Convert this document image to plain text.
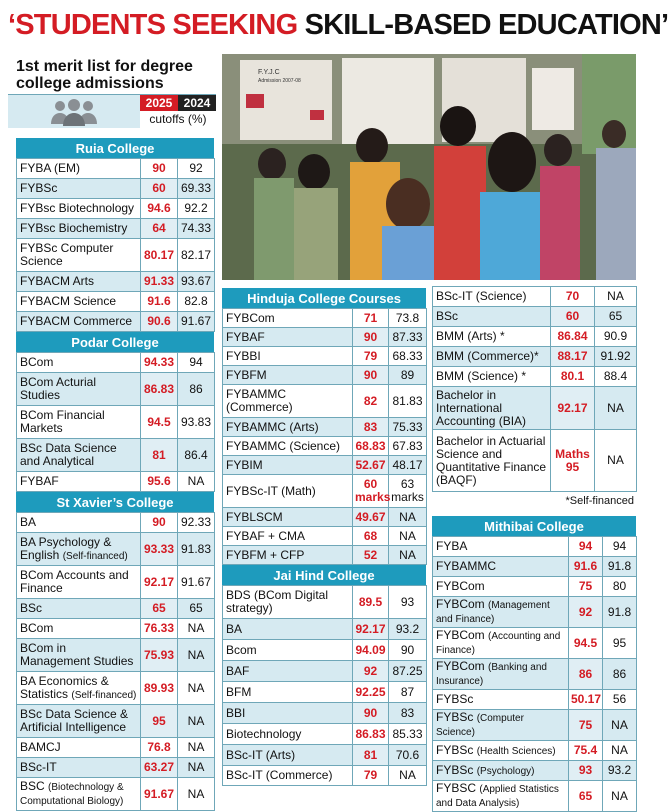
‘STUDENTS SEEKING SKILL-BASED EDUCATION’
1st merit list for degree college admissions
2025 2024
cutoffs (%)
F.Y.J.C
Admission 2007-08
Ruia College
FYBA (EM)	90	92
FYBSc	60	69.33
FYBsc Biotechnology	94.6	92.2
FYBsc Biochemistry	64	74.33
FYBSc Computer Science	80.17	82.17
FYBACM Arts	91.33	93.67
FYBACM Science	91.6	82.8
FYBACM Commerce	90.6	91.67
Podar College
BCom	94.33	94
BCom Acturial Studies	86.83	86
BCom Financial Markets	94.5	93.83
BSc Data Science and Analytical	81	86.4
FYBAF	95.6	NA
St Xavier’s College
BA	90	92.33
BA Psychology & English (Self-financed)	93.33	91.83
BCom Accounts and Finance	92.17	91.67
BSc	65	65
BCom	76.33	NA
BCom in Management Studies	75.93	NA
BA Economics & Statistics (Self-financed)	89.93	NA
BSc Data Science & Artificial Intelligence	95	NA
BAMCJ	76.8	NA
BSc-IT	63.27	NA
BSC (Biotechnology & Computational Biology)	91.67	NA
Hinduja College Courses
FYBCom	71	73.8
FYBAF	90	87.33
FYBBI	79	68.33
FYBFM	90	89
FYBAMMC (Commerce)	82	81.83
FYBAMMC (Arts)	83	75.33
FYBAMMC (Science)	68.83	67.83
FYBIM	52.67	48.17
FYBSc-IT (Math)	60 marks	63 marks
FYBLSCM	49.67	NA
FYBAF + CMA	68	NA
FYBFM + CFP	52	NA
Jai Hind College
BDS (BCom Digital strategy)	89.5	93
BA	92.17	93.2
Bcom	94.09	90
BAF	92	87.25
BFM	92.25	87
BBI	90	83
Biotechnology	86.83	85.33
BSc-IT (Arts)	81	70.6
BSc-IT (Commerce)	79	NA
BSc-IT (Science)	70	NA
BSc	60	65
BMM (Arts) *	86.84	90.9
BMM (Commerce)*	88.17	91.92
BMM (Science) *	80.1	88.4
Bachelor in International Accounting (BIA)	92.17	NA
Bachelor in Actuarial Science and Quantitative Finance (BAQF)	Maths 95	NA
*Self-financed
Mithibai College
FYBA	94	94
FYBAMMC	91.6	91.8
FYBCom	75	80
FYBCom (Management and Finance)	92	91.8
FYBCom (Accounting and Finance)	94.5	95
FYBCom (Banking and Insurance)	86	86
FYBSc	50.17	56
FYBSc (Computer Science)	75	NA
FYBSc (Health Sciences)	75.4	NA
FYBSc (Psychology)	93	93.2
FYBSC (Applied Statistics and Data Analysis)	65	NA
